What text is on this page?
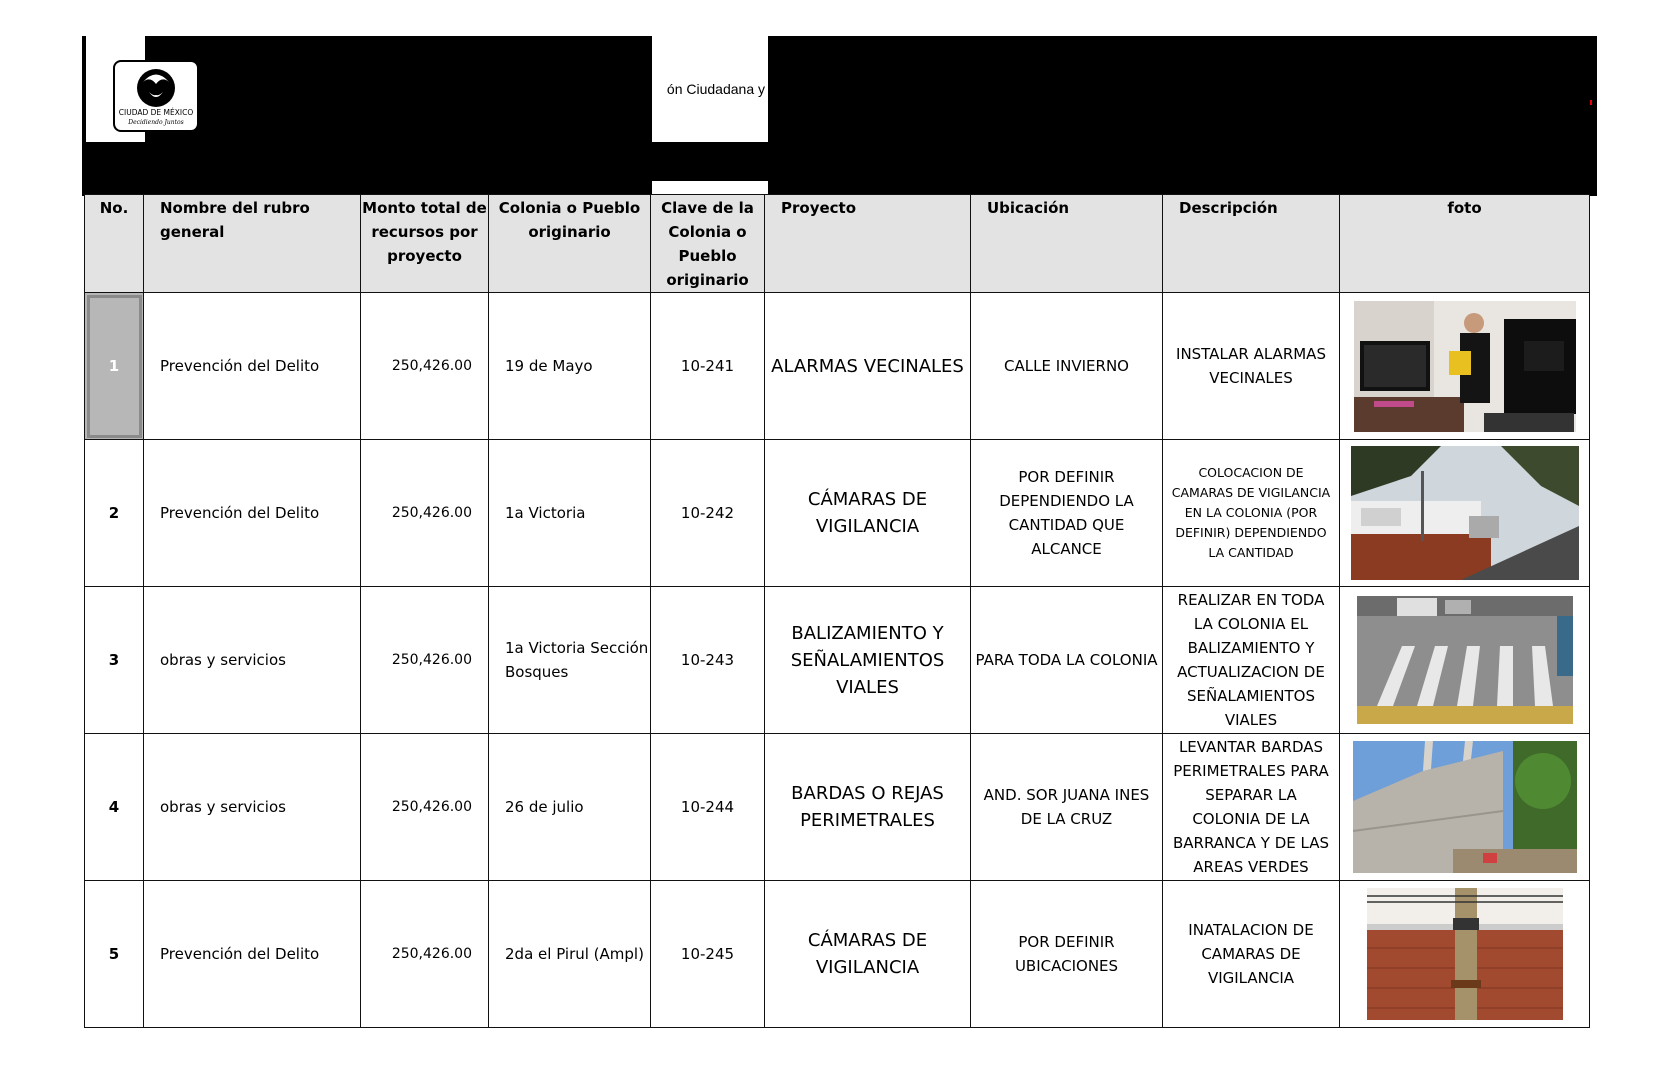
CIUDAD DE MÉXICO
Decidiendo Juntos
ón Ciudadana y
No.	Nombre del rubro general	Monto total de recursos por proyecto	Colonia o Pueblo originario	Clave de la Colonia o Pueblo originario	Proyecto	Ubicación	Descripción	foto
1	Prevención del Delito	250,426.00	19 de Mayo	10-241	ALARMAS VECINALES	CALLE INVIERNO	INSTALAR ALARMAS VECINALES	

2	Prevención del Delito	250,426.00	1a Victoria	10-242	CÁMARAS DE VIGILANCIA	POR DEFINIR DEPENDIENDO LA CANTIDAD QUE ALCANCE	COLOCACION DE CAMARAS DE VIGILANCIA EN LA COLONIA (POR DEFINIR) DEPENDIENDO LA CANTIDAD	

3	obras y servicios	250,426.00	1a Victoria Sección Bosques	10-243	BALIZAMIENTO Y SEÑALAMIENTOS VIALES	PARA TODA LA COLONIA	REALIZAR EN TODA LA COLONIA EL BALIZAMIENTO Y ACTUALIZACION DE SEÑALAMIENTOS VIALES	

4	obras y servicios	250,426.00	26 de julio	10-244	BARDAS O REJAS PERIMETRALES	AND. SOR JUANA INES DE LA CRUZ	LEVANTAR BARDAS PERIMETRALES PARA SEPARAR LA COLONIA DE LA BARRANCA Y DE LAS AREAS VERDES	

5	Prevención del Delito	250,426.00	2da el Pirul (Ampl)	10-245	CÁMARAS DE VIGILANCIA	POR DEFINIR UBICACIONES	INATALACION DE CAMARAS DE VIGILANCIA	
